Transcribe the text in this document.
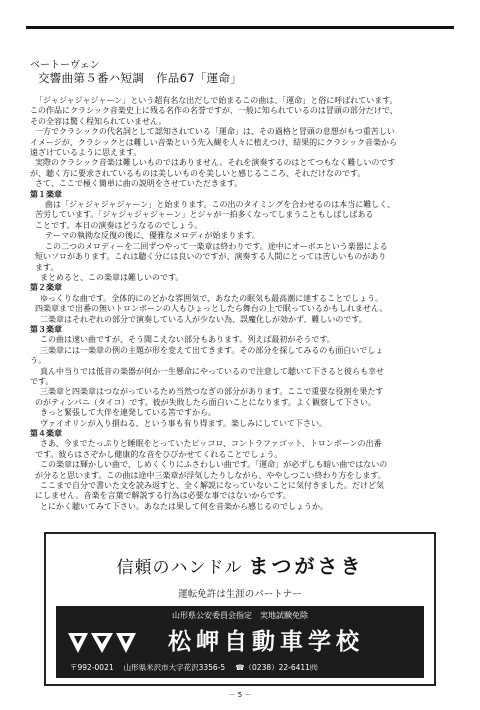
ベートーヴェン
交響曲第５番ハ短調　作品67「運命」

「ジャジャジャジャーン」という超有名な出だしで始まるこの曲は、「運命」と俗に呼ばれています。

この作品にクラシック音楽史上に残る名作の名誉ですが、一般に知られているのは冒頭の部分だけで、

その全容は驚く程知られていません。

一方でクラシックの代名詞として認知されている「運命」は、その過格と冒頭の息想がもつ重苦しい

イメージが、クラシックとは難しい音楽という先入観を人々に植えつけ、結果的にクラシック音楽から

遠ざけているように思えます。

実際のクラシック音楽は難しいものではありません。それを演奏するのはとてつもなく難しいのです

が、聴く方に要求されているものは美しいものを美しいと感じるこころ、それだけなのです。

さて、ここで極く簡単に曲の説明をさせていただきます。

第１楽章

曲は「ジャジャジャジャーン」と始まります。この出のタイミングを合わせるのは本当に難しく、

苦労しています。「ジャジャジャジャーン」とジャが一拍多くなってしまうこともしばしばある

ことです。本日の演奏はどうなるのでしょう。

テーマの執拗な反復の後に、優雅なメロディが始まります。

この二つのメロディーを二回ずつやって一楽章は終わりです。途中にオーボエという楽器による

短いソロがあります。これは聴く分には良いのですが、演奏する人間にとっては苦しいものがあり

ます。

まとめると、この楽章は難しいのです。

第２楽章

ゆっくりな曲です。全体的にのどかな雰囲気で、あなたの眠気も最高潮に達することでしょう。

四楽章まで出番の無いトロンボーンの人もひょっとしたら舞台の上で眠っているかもしれません。

二楽章はそれぞれの部分で演奏している人が少ない為、誤魔化しが効かず、難しいのです。

第３楽章

この曲は速い曲ですが、そう聞こえない部分もあります。列えば最初がそうです。

三楽章には一楽章の例の主題が形を変えて出てきます。その部分を探してみるのも面白いでしょ

う。

真ん中当りでは低音の楽器が何か一生懸命にやっているので注意して聴いて下さると彼らも幸せ

です。

三楽章と四楽章はつながっているため当然つなぎの部分があります。ここで重要な役割を果たす

のがティンパニ（タイコ）です。彼が失敗したら面白いことになります。よく観察して下さい。

きっと緊張して大伴を連発している筈ですから。

ヴァイオリンが入り損ねる、という事も有り得ます。楽しみにしていて下さい。

第４楽章

さあ、今までたっぷりと睡眠をとっていたピッコロ、コントラファゴット、トロンボーンの出番

です。彼らはさぞかし健康的な音をひびかせてくれることでしょう。

この楽章は輝かしい曲で、しめくくりにふさわしい曲です。「運命」が必ずしも暗い曲ではないの

が分ると思います。この曲は途中三楽章が浮気したりしながら、ややしつこい終わり方をします。

ここまで自分で書いた文を読み返すと、全く解説になっていないことに気付きました。だけど気

にしません。音楽を言葉で解説する行為は必要な事ではないからです。

とにかく聴いてみて下さい。あなたは果して何を音楽から感じるのでしょうか。

信頼のハンドル まつがさき
運転免許は生涯のパートナー
山形県公安委員会指定　実地試験免除
松岬自動車学校
〒992-0021 山形県米沢市大字花沢3356-5 ☎（0238）22-6411㈹
－ 5 －
